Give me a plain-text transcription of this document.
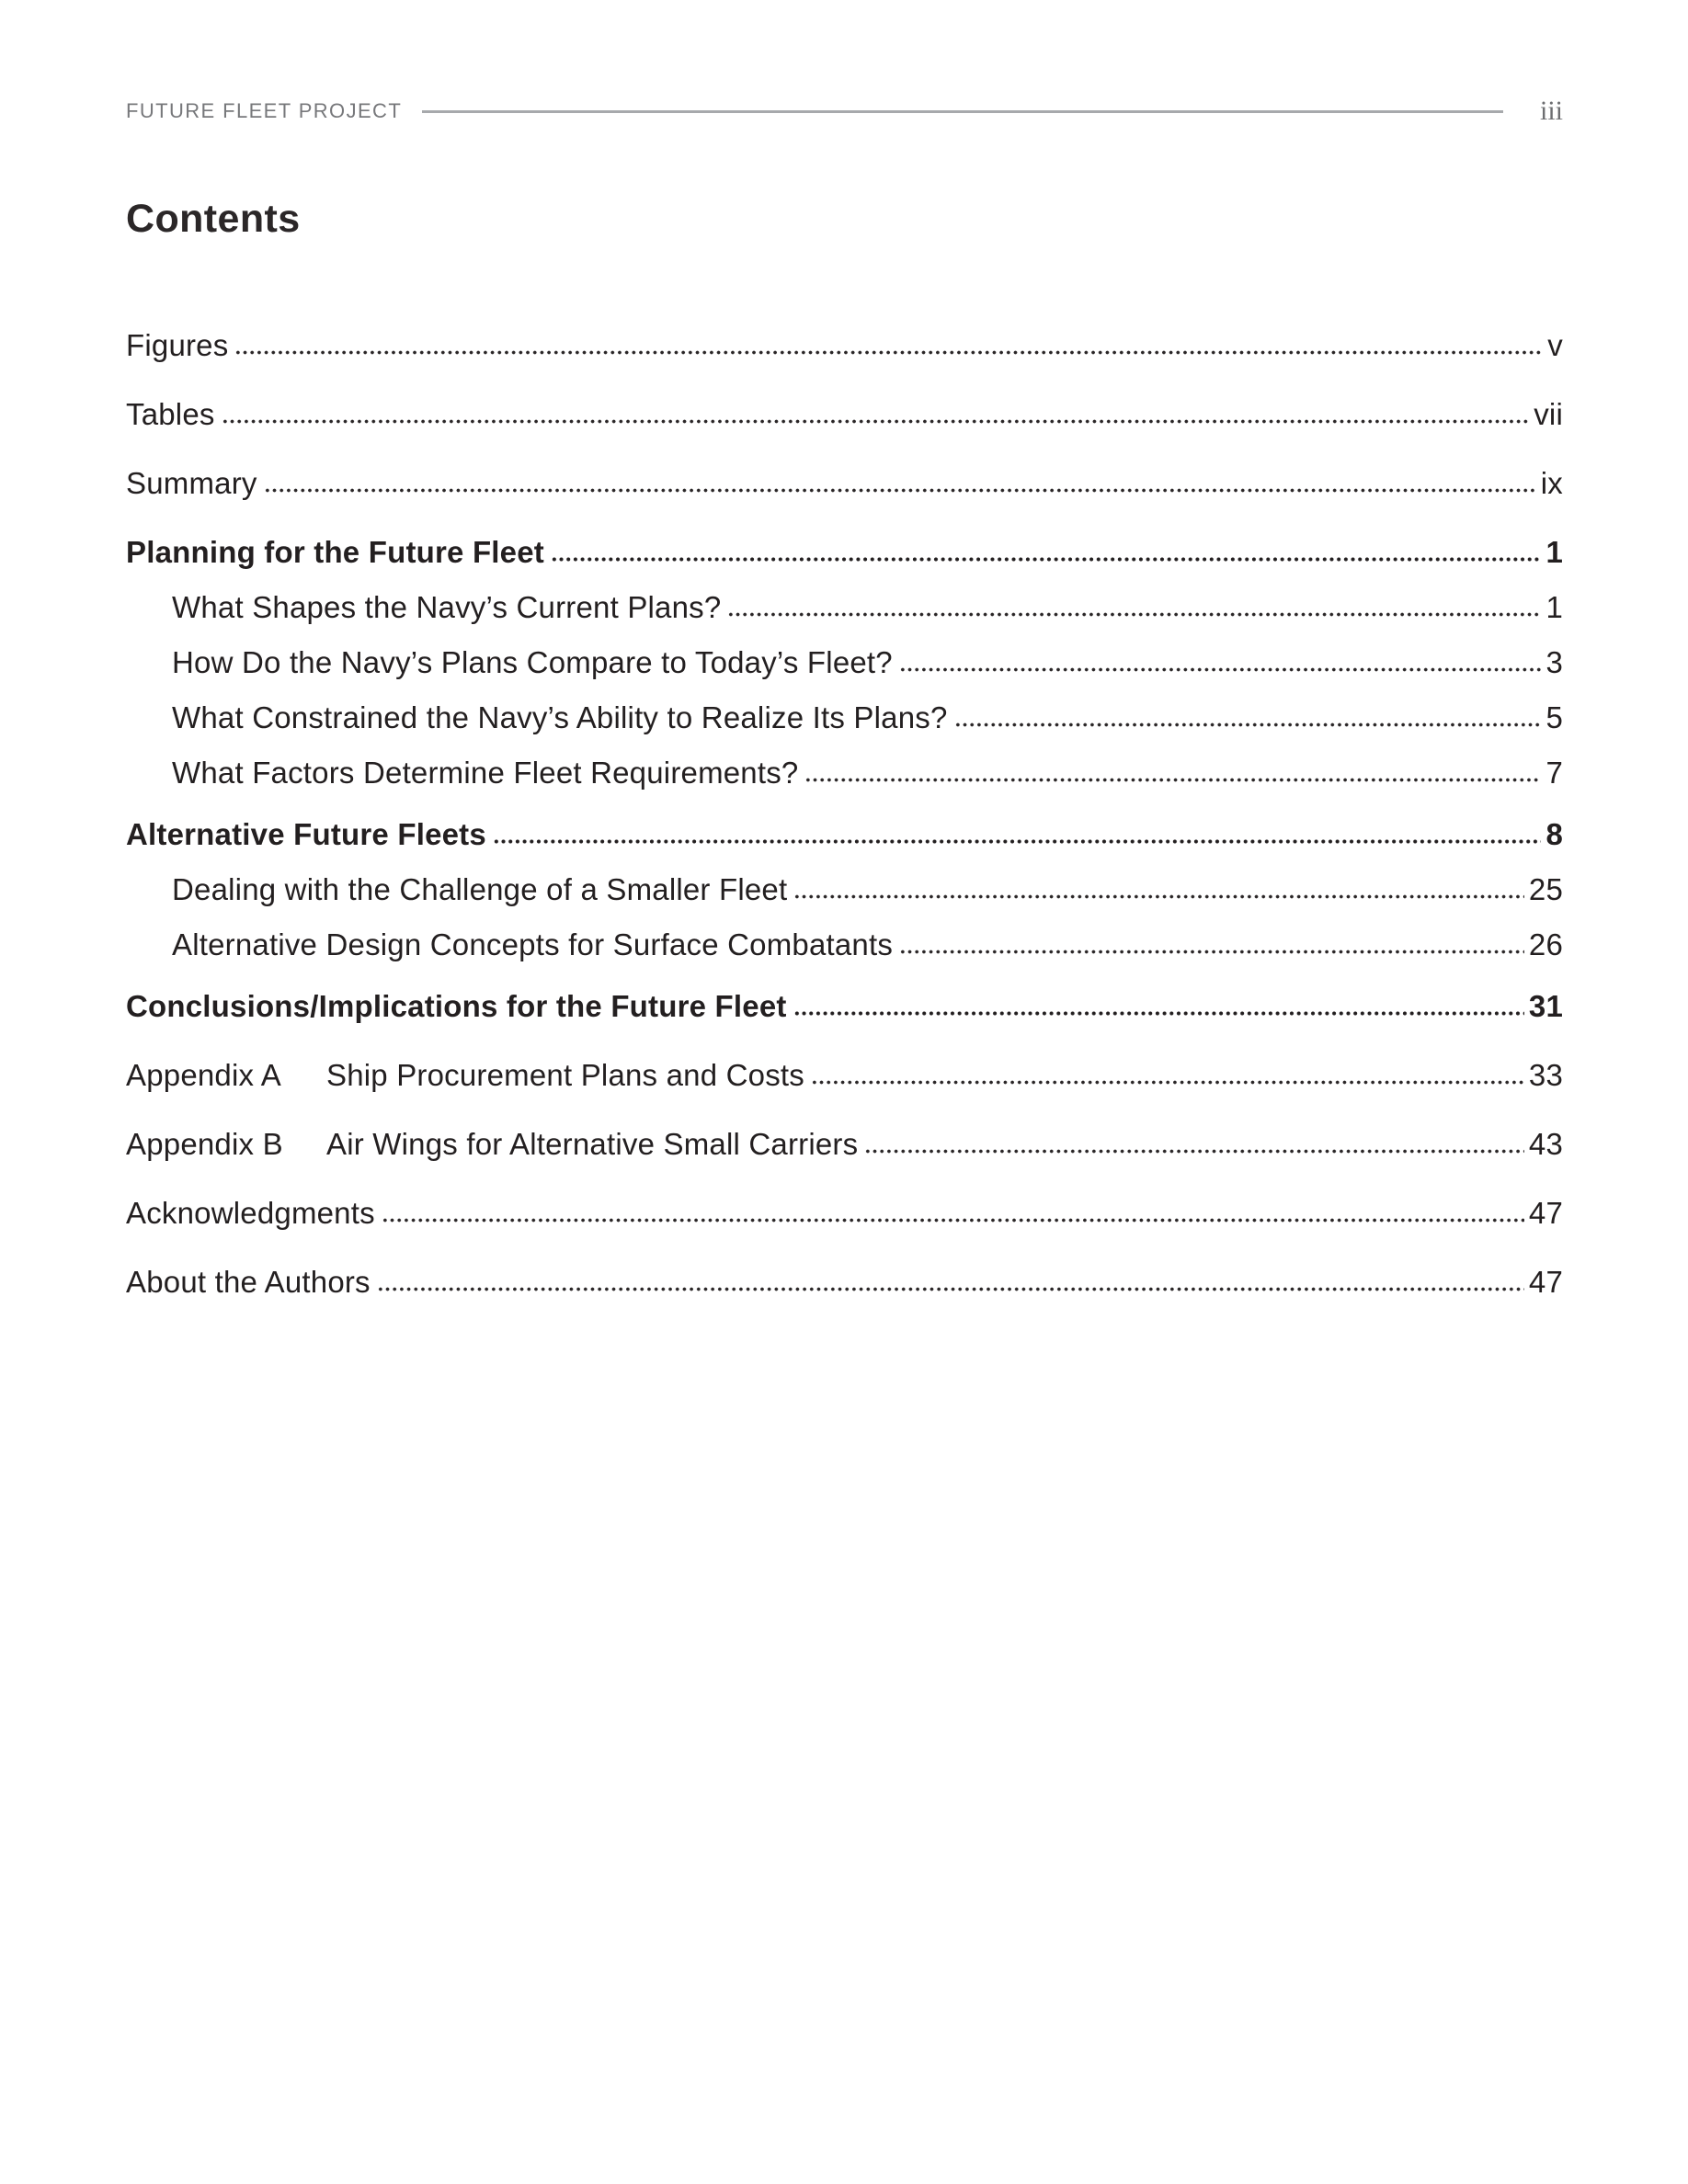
FUTURE FLEET PROJECT	iii
Contents
Figures	v
Tables	vii
Summary	ix
Planning for the Future Fleet	1
What Shapes the Navy’s Current Plans?	1
How Do the Navy’s Plans Compare to Today’s Fleet?	3
What Constrained the Navy’s Ability to Realize Its Plans?	5
What Factors Determine Fleet Requirements?	7
Alternative Future Fleets	8
Dealing with the Challenge of a Smaller Fleet	25
Alternative Design Concepts for Surface Combatants	26
Conclusions/Implications for the Future Fleet	31
Appendix A	Ship Procurement Plans and Costs	33
Appendix B	Air Wings for Alternative Small Carriers	43
Acknowledgments	47
About the Authors	47
